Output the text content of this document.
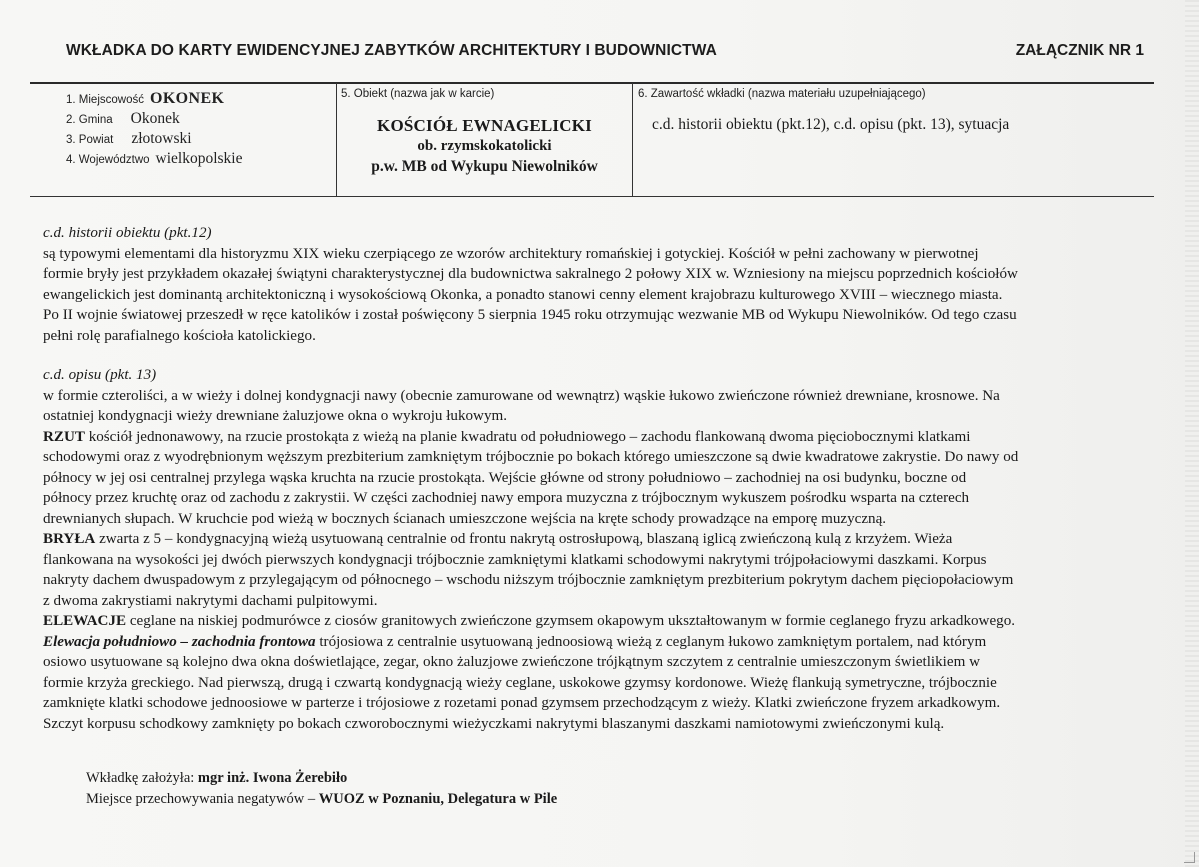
WKŁADKA DO KARTY EWIDENCYJNEJ ZABYTKÓW ARCHITEKTURY I BUDOWNICTWA	ZAŁĄCZNIK NR 1
1. Miejscowość OKONEK
2. Gmina Okonek
3. Powiat złotowski
4. Województwo wielkopolskie
5. Obiekt (nazwa jak w karcie)
KOŚCIÓŁ EWNAGELICKI
ob. rzymskokatolicki
p.w. MB od Wykupu Niewolników
6. Zawartość wkładki (nazwa materiału uzupełniającego)
c.d. historii obiektu (pkt.12), c.d. opisu (pkt. 13), sytuacja
c.d. historii obiektu (pkt.12)

są typowymi elementami dla historyzmu XIX wieku czerpiącego ze wzorów architektury romańskiej i gotyckiej. Kościół w pełni zachowany w pierwotnej

formie bryły jest przykładem okazałej świątyni charakterystycznej dla budownictwa sakralnego 2 połowy XIX w. Wzniesiony na miejscu poprzednich kościołów

ewangelickich jest dominantą architektoniczną i wysokościową Okonka, a ponadto stanowi cenny element krajobrazu kulturowego XVIII – wiecznego miasta.

Po II wojnie światowej przeszedł w ręce katolików i został poświęcony 5 sierpnia 1945 roku otrzymując wezwanie MB od Wykupu Niewolników. Od tego czasu

pełni rolę parafialnego kościoła katolickiego.

c.d. opisu (pkt. 13)

w formie czteroliści, a w wieży i dolnej kondygnacji nawy (obecnie zamurowane od wewnątrz) wąskie łukowo zwieńczone również drewniane, krosnowe. Na

ostatniej kondygnacji wieży drewniane żaluzjowe okna o wykroju łukowym.

RZUT kościół jednonawowy, na rzucie prostokąta z wieżą na planie kwadratu od południowego – zachodu flankowaną dwoma pięciobocznymi klatkami

schodowymi oraz z wyodrębnionym węższym prezbiterium zamkniętym trójbocznie po bokach którego umieszczone są dwie kwadratowe zakrystie. Do nawy od

północy w jej osi centralnej przylega wąska kruchta na rzucie prostokąta. Wejście główne od strony południowo – zachodniej na osi budynku, boczne od

północy przez kruchtę oraz od zachodu z zakrystii. W części zachodniej nawy empora muzyczna z trójbocznym wykuszem pośrodku wsparta na czterech

drewnianych słupach. W kruchcie pod wieżą w bocznych ścianach umieszczone wejścia na kręte schody prowadzące na emporę muzyczną.

BRYŁA zwarta z 5 – kondygnacyjną wieżą usytuowaną centralnie od frontu nakrytą ostrosłupową, blaszaną iglicą zwieńczoną kulą z krzyżem. Wieża

flankowana na wysokości jej dwóch pierwszych kondygnacji trójbocznie zamkniętymi klatkami schodowymi nakrytymi trójpołaciowymi daszkami. Korpus

nakryty dachem dwuspadowym z przylegającym od północnego – wschodu niższym trójbocznie zamkniętym prezbiterium pokrytym dachem pięciopołaciowym

z dwoma zakrystiami nakrytymi dachami pulpitowymi.

ELEWACJE ceglane na niskiej podmurówce z ciosów granitowych zwieńczone gzymsem okapowym ukształtowanym w formie ceglanego fryzu arkadkowego.

Elewacja południowo – zachodnia frontowa trójosiowa z centralnie usytuowaną jednoosiową wieżą z ceglanym łukowo zamkniętym portalem, nad którym

osiowo usytuowane są kolejno dwa okna doświetlające, zegar, okno żaluzjowe zwieńczone trójkątnym szczytem z centralnie umieszczonym świetlikiem w

formie krzyża greckiego. Nad pierwszą, drugą i czwartą kondygnacją wieży ceglane, uskokowe gzymsy kordonowe. Wieżę flankują symetryczne, trójbocznie

zamknięte klatki schodowe jednoosiowe w parterze i trójosiowe z rozetami ponad gzymsem przechodzącym z wieży. Klatki zwieńczone fryzem arkadkowym.

Szczyt korpusu schodkowy zamknięty po bokach czworobocznymi wieżyczkami nakrytymi blaszanymi daszkami namiotowymi zwieńczonymi kulą.

Wkładkę założyła: mgr inż. Iwona Żerebiło
Miejsce przechowywania negatywów – WUOZ w Poznaniu, Delegatura w Pile
